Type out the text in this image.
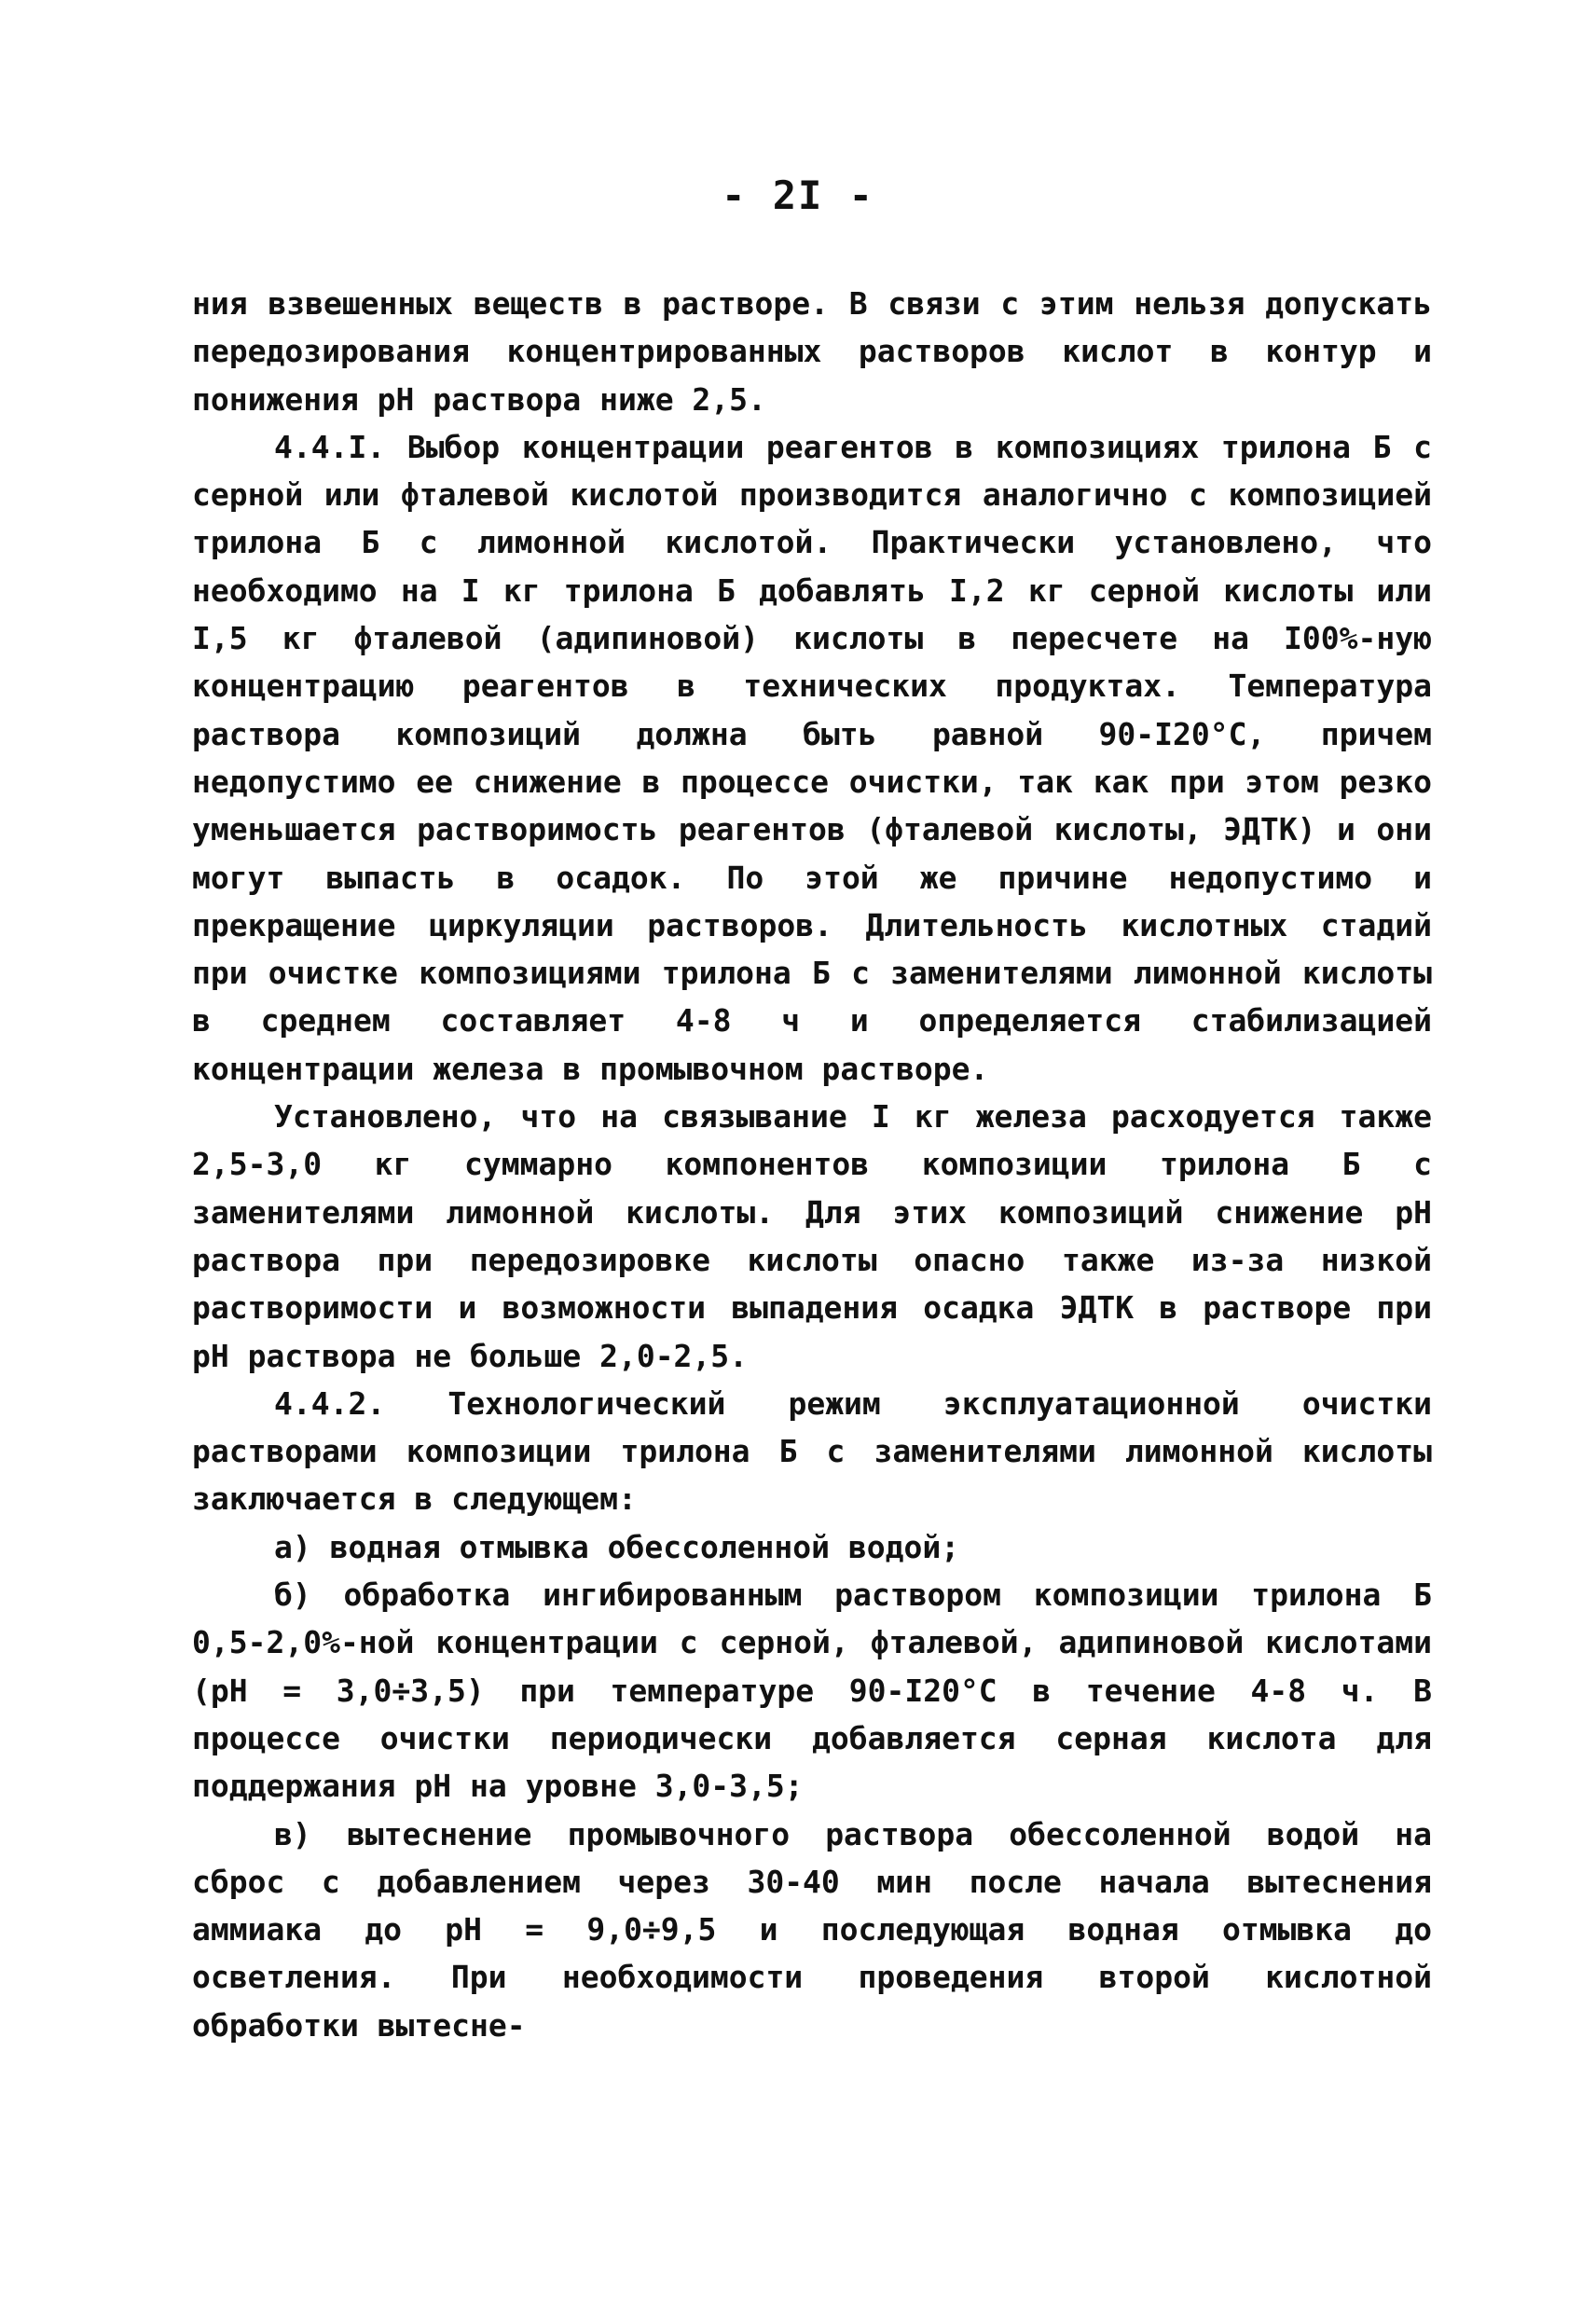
- 2I -

ния взвешенных веществ в растворе. В связи с этим нельзя допускать передозирования концентрированных растворов кислот в контур и понижения pH раствора ниже 2,5.

4.4.I. Выбор концентрации реагентов в композициях трилона Б с серной или фталевой кислотой производится аналогично с композицией трилона Б с лимонной кислотой. Практически установлено, что необходимо на I кг трилона Б добавлять I,2 кг серной кислоты или I,5 кг фталевой (адипиновой) кислоты в пересчете на I00%-ную концентрацию реагентов в технических продуктах. Температура раствора композиций должна быть равной 90-I20°С, причем недопустимо ее снижение в процессе очистки, так как при этом резко уменьшается растворимость реагентов (фталевой кислоты, ЭДТК) и они могут выпасть в осадок. По этой же причине недопустимо и прекращение циркуляции растворов. Длительность кислотных стадий при очистке композициями трилона Б с заменителями лимонной кислоты в среднем составляет 4-8 ч и определяется стабилизацией концентрации железа в промывочном растворе.

Установлено, что на связывание I кг железа расходуется также 2,5-3,0 кг суммарно компонентов композиции трилона Б с заменителями лимонной кислоты. Для этих композиций снижение pH раствора при передозировке кислоты опасно также из-за низкой растворимости и возможности выпадения осадка ЭДТК в растворе при pH раствора не больше 2,0-2,5.

4.4.2. Технологический режим эксплуатационной очистки растворами композиции трилона Б с заменителями лимонной кислоты заключается в следующем:

а) водная отмывка обессоленной водой;

б) обработка ингибированным раствором композиции трилона Б 0,5-2,0%-ной концентрации с серной, фталевой, адипиновой кислотами (pH = 3,0÷3,5) при температуре 90-I20°С в течение 4-8 ч. В процессе очистки периодически добавляется серная кислота для поддержания pH на уровне 3,0-3,5;

в) вытеснение промывочного раствора обессоленной водой на сброс с добавлением через 30-40 мин после начала вытеснения аммиака до pH = 9,0÷9,5 и последующая водная отмывка до осветления. При необходимости проведения второй кислотной обработки вытесне-
